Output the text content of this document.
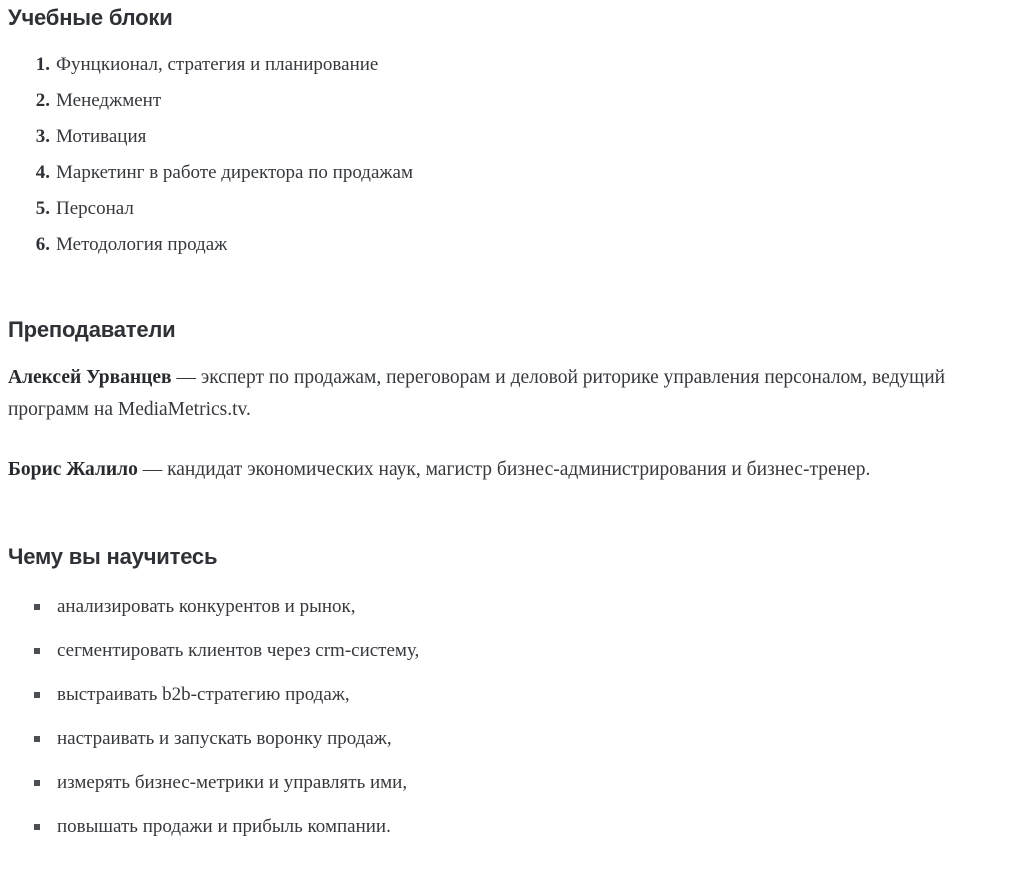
Учебные блоки
1. Фунцкионал, стратегия и планирование
2. Менеджмент
3. Мотивация
4. Маркетинг в работе директора по продажам
5. Персонал
6. Методология продаж
Преподаватели

Алексей Урванцев — эксперт по продажам, переговорам и деловой риторике управления персоналом, ведущий программ на MediaMetrics.tv.

Борис Жалило — кандидат экономических наук, магистр бизнес-администрирования и бизнес-тренер.

Чему вы научитесь
анализировать конкурентов и рынок,
сегментировать клиентов через crm-систему,
выстраивать b2b-стратегию продаж,
настраивать и запускать воронку продаж,
измерять бизнес-метрики и управлять ими,
повышать продажи и прибыль компании.
